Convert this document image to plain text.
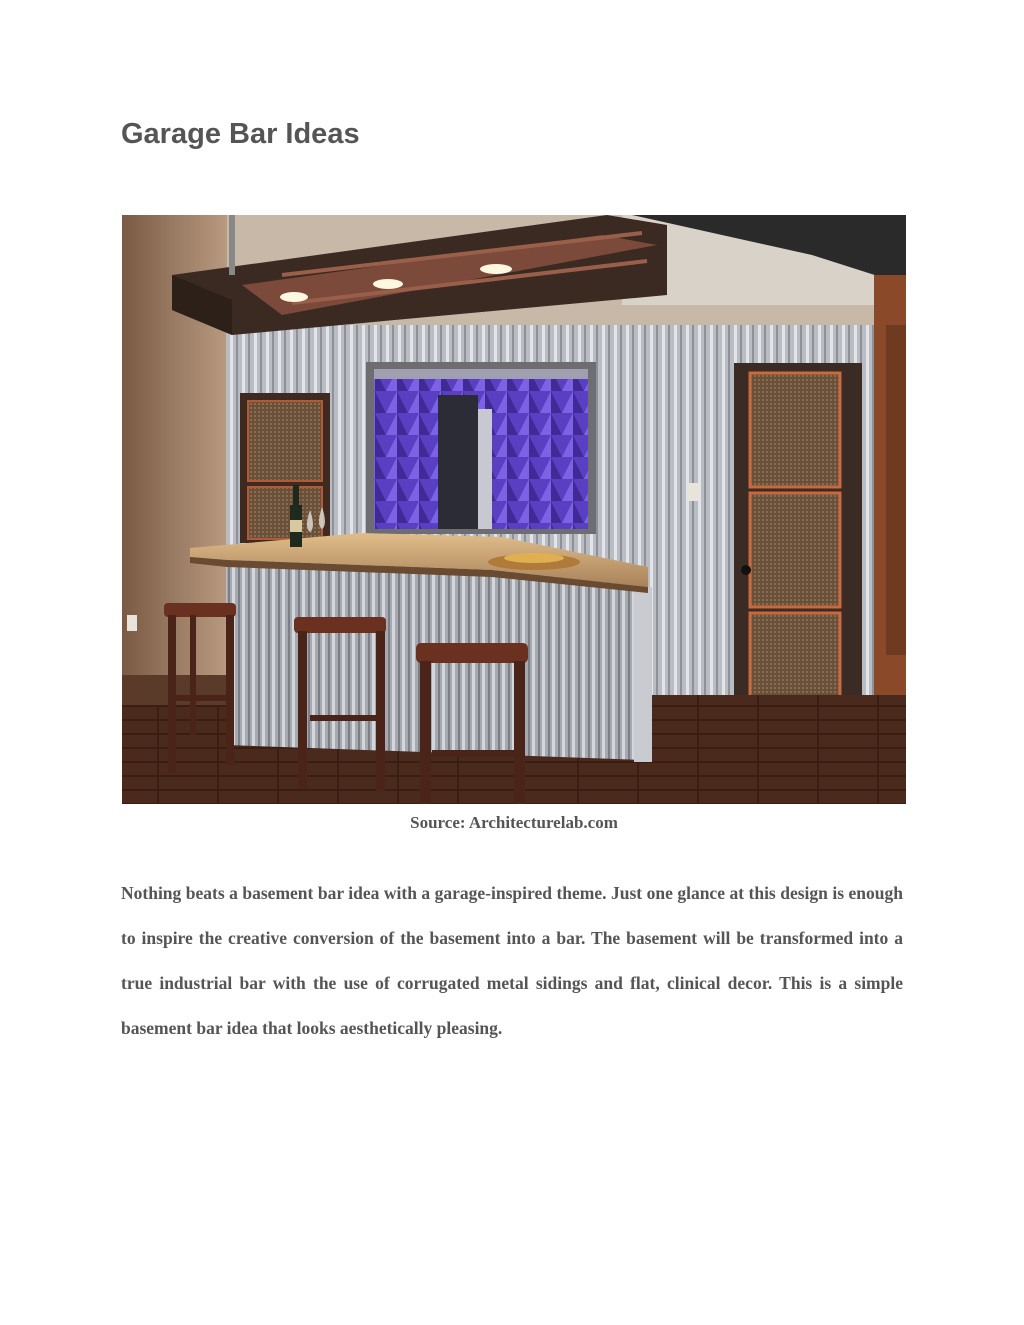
Garage Bar Ideas
Source: Architecturelab.com

Nothing beats a basement bar idea with a garage-inspired theme. Just one glance at this design is enough to inspire the creative conversion of the basement into a bar. The basement will be transformed into a true industrial bar with the use of corrugated metal sidings and flat, clinical decor. This is a simple basement bar idea that looks aesthetically pleasing.
